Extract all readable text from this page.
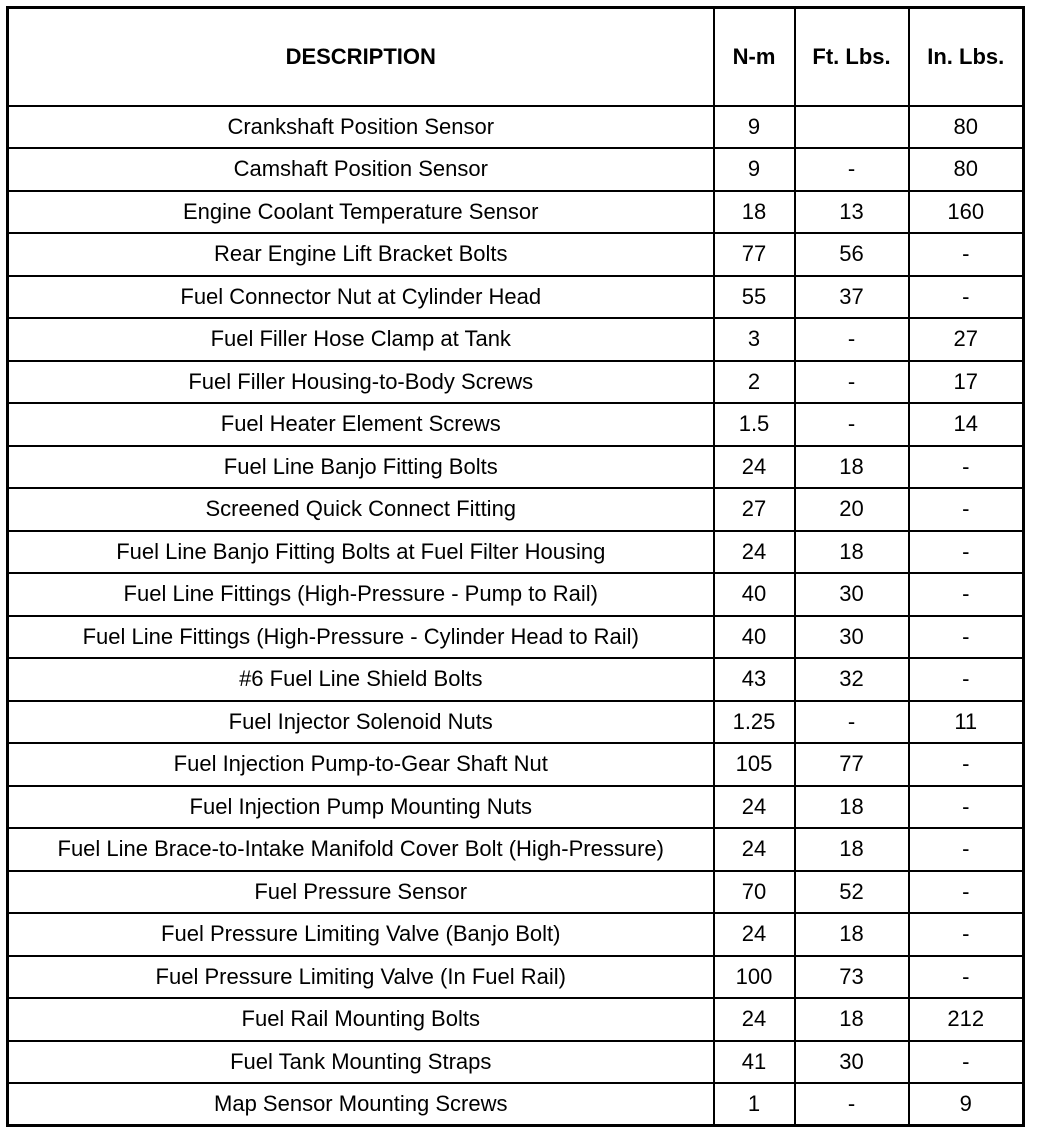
DESCRIPTION	N-m	Ft. Lbs.	In. Lbs.
Crankshaft Position Sensor	9		80
Camshaft Position Sensor	9	-	80
Engine Coolant Temperature Sensor	18	13	160
Rear Engine Lift Bracket Bolts	77	56	-
Fuel Connector Nut at Cylinder Head	55	37	-
Fuel Filler Hose Clamp at Tank	3	-	27
Fuel Filler Housing-to-Body Screws	2	-	17
Fuel Heater Element Screws	1.5	-	14
Fuel Line Banjo Fitting Bolts	24	18	-
Screened Quick Connect Fitting	27	20	-
Fuel Line Banjo Fitting Bolts at Fuel Filter Housing	24	18	-
Fuel Line Fittings (High-Pressure - Pump to Rail)	40	30	-
Fuel Line Fittings (High-Pressure - Cylinder Head to Rail)	40	30	-
#6 Fuel Line Shield Bolts	43	32	-
Fuel Injector Solenoid Nuts	1.25	-	11
Fuel Injection Pump-to-Gear Shaft Nut	105	77	-
Fuel Injection Pump Mounting Nuts	24	18	-
Fuel Line Brace-to-Intake Manifold Cover Bolt (High-Pressure)	24	18	-
Fuel Pressure Sensor	70	52	-
Fuel Pressure Limiting Valve (Banjo Bolt)	24	18	-
Fuel Pressure Limiting Valve (In Fuel Rail)	100	73	-
Fuel Rail Mounting Bolts	24	18	212
Fuel Tank Mounting Straps	41	30	-
Map Sensor Mounting Screws	1	-	9
